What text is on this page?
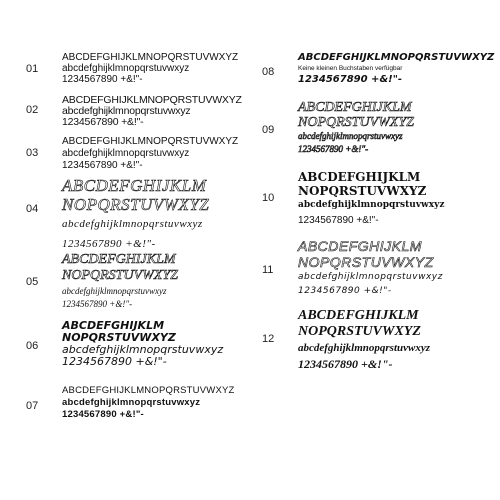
01
ABCDEFGHIJKLMNOPQRSTUVWXYZ
abcdefghijklmnopqrstuvwxyz
1234567890 +&!"-
02
ABCDEFGHIJKLMNOPQRSTUVWXYZ
abcdefghijklmnopqrstuvwxyz
1234567890 +&!"-
03
ABCDEFGHIJKLMNOPQRSTUVWXYZ
abcdefghijklmnopqrstuvwxyz
1234567890 +&!"-
04
ABCDEFGHIJKLM
NOPQRSTUVWXYZ
abcdefghijklmnopqrstuvwxyz
1234567890 +&!"-
05
ABCDEFGHIJKLM
NOPQRSTUVWXYZ
abcdefghijklmnopqrstuvwxyz
1234567890 +&!"-
06
ABCDEFGHIJKLM
NOPQRSTUVWXYZ
abcdefghijklmnopqrstuvwxyz
1234567890 +&!"-
07
ABCDEFGHIJKLMNOPQRSTUVWXYZ
abcdefghijklmnopqrstuvwxyz
1234567890 +&!"-
08
ABCDEFGHIJKLMNOPQRSTUVWXYZ
Keine kleinen Buchstaben verfügbar
1234567890 +&!"-
09
ABCDEFGHIJKLM
NOPQRSTUVWXYZ
abcdefghijklmnopqrstuvwxyz
1234567890 +&!"-
10
ABCDEFGHIJKLM
NOPQRSTUVWXYZ
abcdefghijklmnopqrstuvwxyz
1234567890 +&!"-
11
ABCDEFGHIJKLM
NOPQRSTUVWXYZ
abcdefghijklmnopqrstuvwxyz
1234567890 +&!"-
12
ABCDEFGHIJKLM
NOPQRSTUVWXYZ
abcdefghijklmnopqrstuvwxyz
1234567890 +&!"-
